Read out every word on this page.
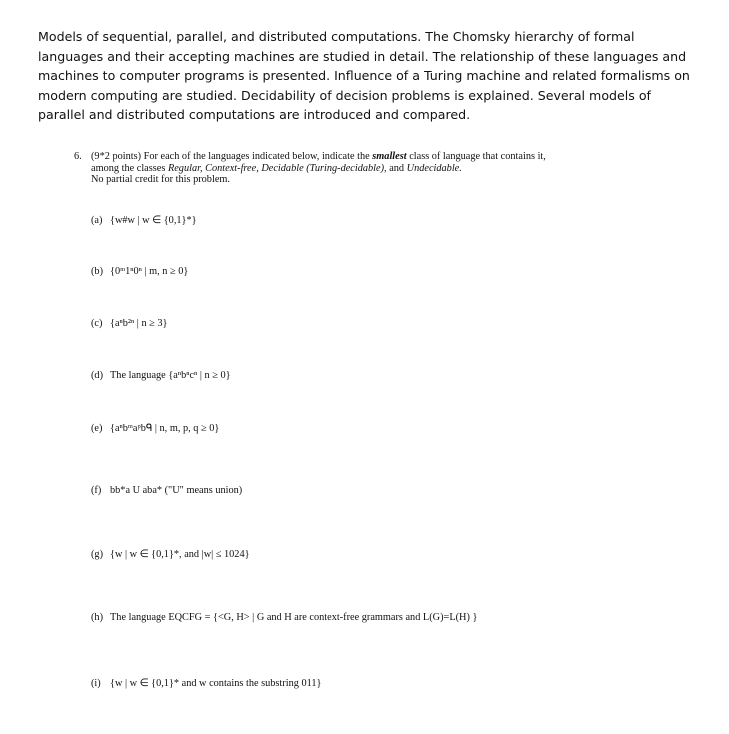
Models of sequential, parallel, and distributed computations. The Chomsky hierarchy of formal languages and their accepting machines are studied in detail. The relationship of these languages and machines to computer programs is presented. Influence of a Turing machine and related formalisms on modern computing are studied. Decidability of decision problems is explained. Several models of parallel and distributed computations are introduced and compared.

6. (9*2 points) For each of the languages indicated below, indicate the smallest class of language that contains it, among the classes Regular, Context-free, Decidable (Turing-decidable), and Undecidable.
No partial credit for this problem.
(a) {w#w | w ∈ {0,1}*}
(b) {0ᵐ1ⁿ0ⁿ | m, n ≥ 0}
(c) {aⁿb²ⁿ | n ≥ 3}
(d) The language {aⁿbⁿcⁿ | n ≥ 0}
(e) {aⁿbᵐaᵖbᑫ | n, m, p, q ≥ 0}
(f) bb*a U aba* ("U" means union)
(g) {w | w ∈ {0,1}*, and |w| ≤ 1024}
(h) The language EQCFG = {<G, H> | G and H are context-free grammars and L(G)=L(H) }
(i) {w | w ∈ {0,1}* and w contains the substring 011}
